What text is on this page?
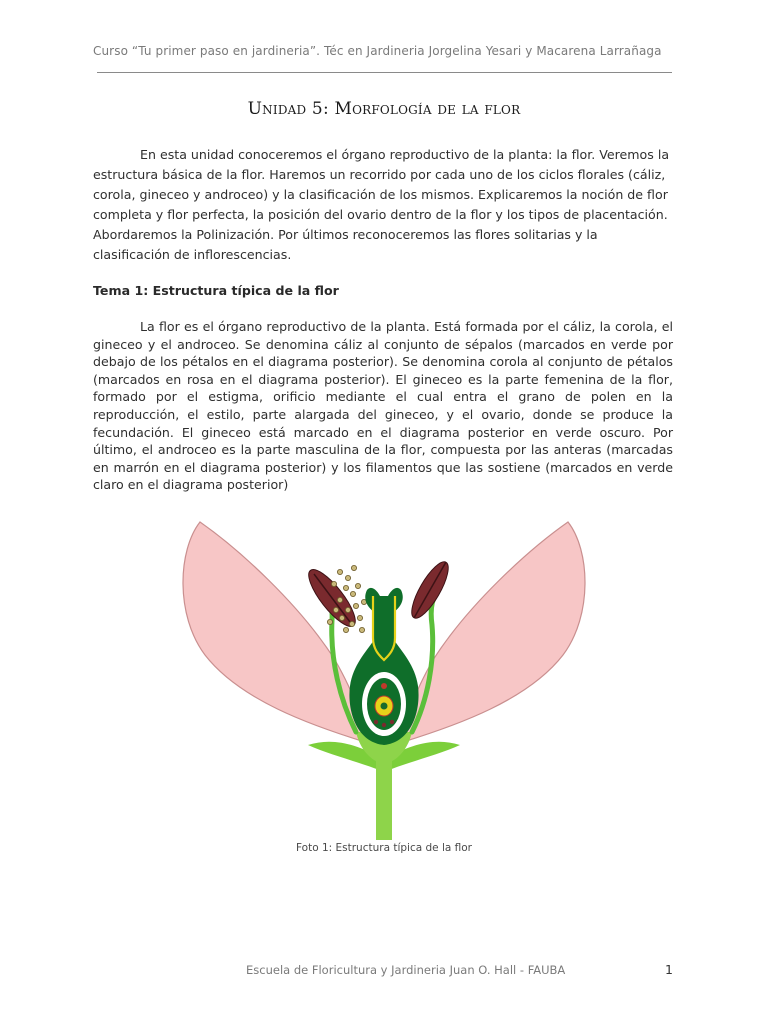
Curso “Tu primer paso en jardineria”. Téc en Jardineria Jorgelina Yesari y Macarena Larrañaga
Unidad 5: Morfología de la flor

En esta unidad conoceremos el órgano reproductivo de la planta: la flor. Veremos la estructura básica de la flor. Haremos un recorrido por cada uno de los ciclos florales (cáliz, corola, gineceo y androceo) y la clasificación de los mismos. Explicaremos la noción de flor completa y flor perfecta, la posición del ovario dentro de la flor y los tipos de placentación. Abordaremos la Polinización. Por últimos reconoceremos las flores solitarias y la clasificación de inflorescencias.

Tema 1: Estructura típica de la flor

La flor es el órgano reproductivo de la planta. Está formada por el cáliz, la corola, el gineceo y el androceo. Se denomina cáliz al conjunto de sépalos (marcados en verde por debajo de los pétalos en el diagrama posterior). Se denomina corola al conjunto de pétalos (marcados en rosa en el diagrama posterior). El gineceo es la parte femenina de la flor, formado por el estigma, orificio mediante el cual entra el grano de polen en la reproducción, el estilo, parte alargada del gineceo, y el ovario, donde se produce la fecundación. El gineceo está marcado en el diagrama posterior en verde oscuro. Por último, el androceo es la parte masculina de la flor, compuesta por las anteras (marcadas en marrón en el diagrama posterior) y los filamentos que las sostiene (marcados en verde claro en el diagrama posterior)

Foto 1: Estructura típica de la flor
Escuela de Floricultura y Jardineria Juan O. Hall - FAUBA	1
